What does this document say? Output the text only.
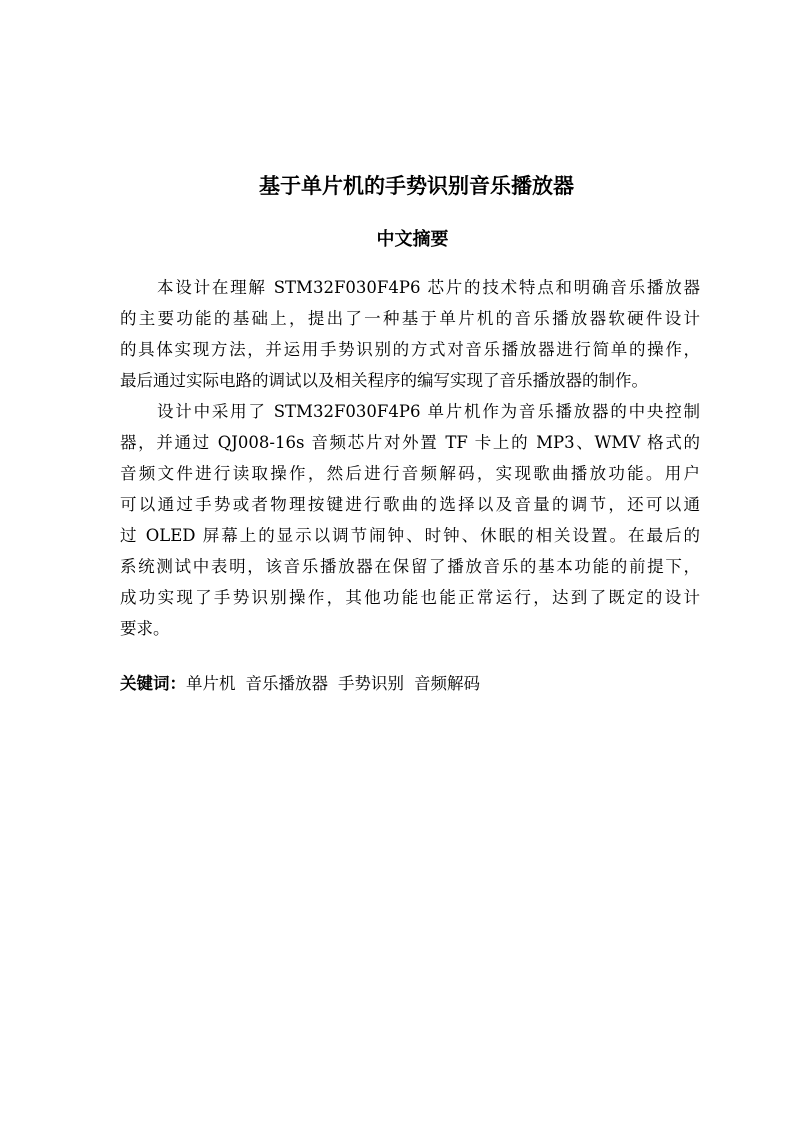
基于单片机的手势识别音乐播放器
中文摘要
本设计在理解 STM32F030F4P6 芯片的技术特点和明确音乐播放器
的主要功能的基础上，提出了一种基于单片机的音乐播放器软硬件设计
的具体实现方法，并运用手势识别的方式对音乐播放器进行简单的操作，
最后通过实际电路的调试以及相关程序的编写实现了音乐播放器的制作。
设计中采用了 STM32F030F4P6 单片机作为音乐播放器的中央控制
器，并通过 QJ008-16s 音频芯片对外置 TF 卡上的 MP3、WMV 格式的
音频文件进行读取操作，然后进行音频解码，实现歌曲播放功能。用户
可以通过手势或者物理按键进行歌曲的选择以及音量的调节，还可以通
过 OLED 屏幕上的显示以调节闹钟、时钟、休眠的相关设置。在最后的
系统测试中表明，该音乐播放器在保留了播放音乐的基本功能的前提下，
成功实现了手势识别操作，其他功能也能正常运行，达到了既定的设计
要求。
关键词：单片机 音乐播放器 手势识别 音频解码
